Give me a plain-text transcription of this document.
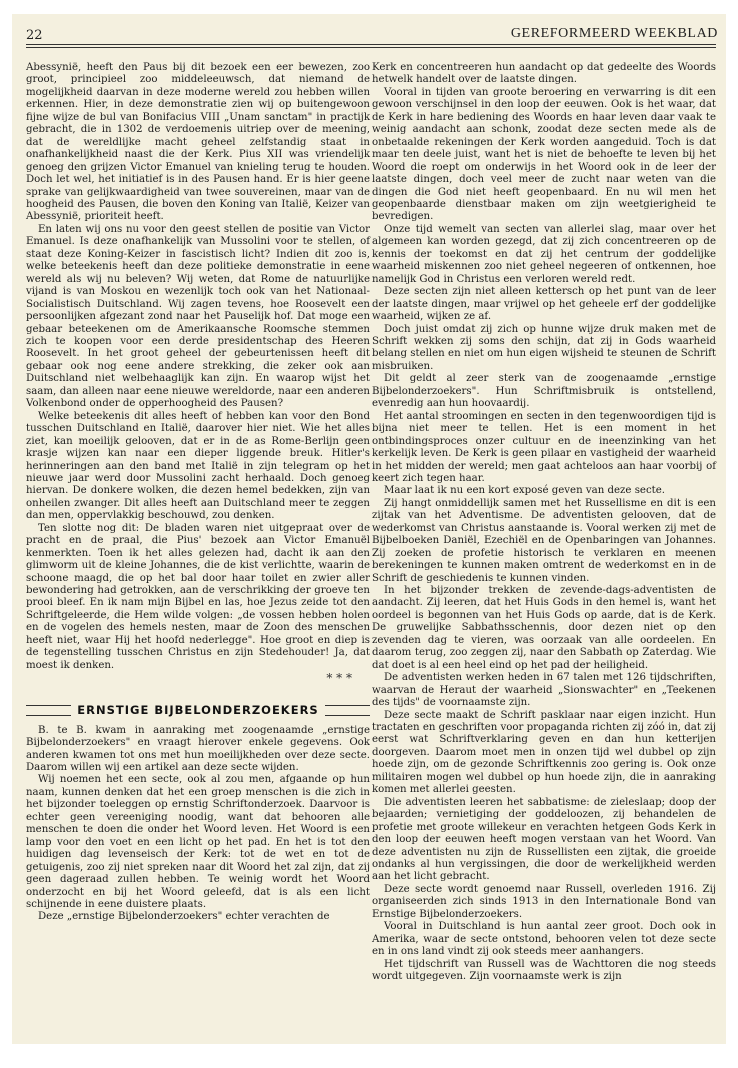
22	GEREFORMEERD WEEKBLAD

Abessynië, heeft den Paus bij dit bezoek een eer bewezen, zoo groot, principieel zoo middeleeuwsch, dat niemand de mogelijkheid daarvan in deze moderne wereld zou hebben willen erkennen. Hier, in deze demonstratie zien wij op buitengewoon fijne wijze de bul van Bonifacius VIII „Unam sanctam" in practijk gebracht, die in 1302 de verdoemenis uitriep over de meening, dat de wereldlijke macht geheel zelfstandig staat in onafhankelijkheid naast die der Kerk. Pius XII was vriendelijk genoeg den grijzen Victor Emanuel van knieling terug te houden. Doch let wel, het initiatief is in des Pausen hand. Er is hier geene sprake van gelijkwaardigheid van twee souvereinen, maar van de hoogheid des Pausen, die boven den Koning van Italië, Keizer van Abessynië, prioriteit heeft.

En laten wij ons nu voor den geest stellen de positie van Victor Emanuel. Is deze onafhankelijk van Mussolini voor te stellen, of staat deze Koning-Keizer in fascistisch licht? Indien dit zoo is, welke beteekenis heeft dan deze politieke demonstratie in eene wereld als wij nu beleven? Wij weten, dat Rome de natuurlijke vijand is van Moskou en wezenlijk toch ook van het Nationaal-Socialistisch Duitschland. Wij zagen tevens, hoe Roosevelt een persoonlijken afgezant zond naar het Pauselijk hof. Dat moge een gebaar beteekenen om de Amerikaansche Roomsche stemmen zich te koopen voor een derde presidentschap des Heeren Roosevelt. In het groot geheel der gebeurtenissen heeft dit gebaar ook nog eene andere strekking, die zeker ook aan Duitschland niet welbehaaglijk kan zijn. En waarop wijst het saam, dan alleen naar eene nieuwe wereldorde, naar een anderen Volkenbond onder de opperhoogheid des Pausen?

Welke beteekenis dit alles heeft of hebben kan voor den Bond tusschen Duitschland en Italië, daarover hier niet. Wie het alles ziet, kan moeilijk gelooven, dat er in de as Rome-Berlijn geen krasje wijzen kan naar een dieper liggende breuk. Hitler's herinneringen aan den band met Italië in zijn telegram op het nieuwe jaar werd door Mussolini zacht herhaald. Doch genoeg hiervan. De donkere wolken, die dezen hemel bedekken, zijn van onheilen zwanger. Dit alles heeft aan Duitschland meer te zeggen dan men, oppervlakkig beschouwd, zou denken.

Ten slotte nog dit: De bladen waren niet uitgepraat over de pracht en de praal, die Pius' bezoek aan Victor Emanuël kenmerkten. Toen ik het alles gelezen had, dacht ik aan den glimworm uit de kleine Johannes, die de kist verlichtte, waarin de schoone maagd, die op het bal door haar toilet en zwier aller bewondering had getrokken, aan de verschrikking der groeve ten prooi bleef. En ik nam mijn Bijbel en las, hoe Jezus zeide tot den Schriftgeleerde, die Hem wilde volgen: „de vossen hebben holen en de vogelen des hemels nesten, maar de Zoon des menschen heeft niet, waar Hij het hoofd nederlegge". Hoe groot en diep is de tegenstelling tusschen Christus en zijn Stedehouder! Ja, dat moest ik denken.

* * *
ERNSTIGE BIJBELONDERZOEKERS

B. te B. kwam in aanraking met zoogenaamde „ernstige Bijbelonderzoekers" en vraagt hierover enkele gegevens. Ook anderen kwamen tot ons met hun moeilijkheden over deze secte. Daarom willen wij een artikel aan deze secte wijden.

Wij noemen het een secte, ook al zou men, afgaande op hun naam, kunnen denken dat het een groep menschen is die zich in het bijzonder toeleggen op ernstig Schriftonderzoek. Daarvoor is echter geen vereeniging noodig, want dat behooren alle menschen te doen die onder het Woord leven. Het Woord is een lamp voor den voet en een licht op het pad. En het is tot den huidigen dag levenseisch der Kerk: tot de wet en tot de getuigenis, zoo zij niet spreken naar dit Woord het zal zijn, dat zij geen dageraad zullen hebben. Te weinig wordt het Woord onderzocht en bij het Woord geleefd, dat is als een licht schijnende in eene duistere plaats.

Deze „ernstige Bijbelonderzoekers" echter verachten de

Kerk en concentreeren hun aandacht op dat gedeelte des Woords hetwelk handelt over de laatste dingen.

Vooral in tijden van groote beroering en verwarring is dit een gewoon verschijnsel in den loop der eeuwen. Ook is het waar, dat de Kerk in hare bediening des Woords en haar leven daar vaak te weinig aandacht aan schonk, zoodat deze secten mede als de onbetaalde rekeningen der Kerk worden aangeduid. Toch is dat maar ten deele juist, want het is niet de behoefte te leven bij het Woord die roept om onderwijs in het Woord ook in de leer der laatste dingen, doch veel meer de zucht naar weten van die dingen die God niet heeft geopenbaard. En nu wil men het geopenbaarde dienstbaar maken om zijn weetgierigheid te bevredigen.

Onze tijd wemelt van secten van allerlei slag, maar over het algemeen kan worden gezegd, dat zij zich concentreeren op de kennis der toekomst en dat zij het centrum der goddelijke waarheid miskennen zoo niet geheel negeeren of ontkennen, hoe namelijk God in Christus een verloren wereld redt.

Deze secten zijn niet alleen kettersch op het punt van de leer der laatste dingen, maar vrijwel op het geheele erf der goddelijke waarheid, wijken ze af.

Doch juist omdat zij zich op hunne wijze druk maken met de Schrift wekken zij soms den schijn, dat zij in Gods waarheid belang stellen en niet om hun eigen wijsheid te steunen de Schrift misbruiken.

Dit geldt al zeer sterk van de zoogenaamde „ernstige Bijbelonderzoekers". Hun Schriftmisbruik is ontstellend, evenredig aan hun hoovaardij.

Het aantal stroomingen en secten in den tegenwoordigen tijd is bijna niet meer te tellen. Het is een moment in het ontbindingsproces onzer cultuur en de ineenzinking van het kerkelijk leven. De Kerk is geen pilaar en vastigheid der waarheid in het midden der wereld; men gaat achteloos aan haar voorbij of keert zich tegen haar.

Maar laat ik nu een kort exposé geven van deze secte.

Zij hangt onmiddellijk samen met het Russellisme en dit is een zijtak van het Adventisme. De adventisten gelooven, dat de wederkomst van Christus aanstaande is. Vooral werken zij met de Bijbelboeken Daniël, Ezechiël en de Openbaringen van Johannes. Zij zoeken de profetie historisch te verklaren en meenen berekeningen te kunnen maken omtrent de wederkomst en in de Schrift de geschiedenis te kunnen vinden.

In het bijzonder trekken de zevende-dags-adventisten de aandacht. Zij leeren, dat het Huis Gods in den hemel is, want het oordeel is begonnen van het Huis Gods op aarde, dat is de Kerk. De gruwelijke Sabbathsschennis, door dezen niet op den zevenden dag te vieren, was oorzaak van alle oordeelen. En daarom terug, zoo zeggen zij, naar den Sabbath op Zaterdag. Wie dat doet is al een heel eind op het pad der heiligheid.

De adventisten werken heden in 67 talen met 126 tijdschriften, waarvan de Heraut der waarheid „Sionswachter" en „Teekenen des tijds" de voornaamste zijn.

Deze secte maakt de Schrift pasklaar naar eigen inzicht. Hun tractaten en geschriften voor propaganda richten zij zóó in, dat zij eerst wat Schriftverklaring geven en dan hun ketterijen doorgeven. Daarom moet men in onzen tijd wel dubbel op zijn hoede zijn, om de gezonde Schriftkennis zoo gering is. Ook onze militairen mogen wel dubbel op hun hoede zijn, die in aanraking komen met allerlei geesten.

Die adventisten leeren het sabbatisme: de zieleslaap; doop der bejaarden; vernietiging der goddeloozen, zij behandelen de profetie met groote willekeur en verachten hetgeen Gods Kerk in den loop der eeuwen heeft mogen verstaan van het Woord. Van deze adventisten nu zijn de Russellisten een zijtak, die groeide ondanks al hun vergissingen, die door de werkelijkheid werden aan het licht gebracht.

Deze secte wordt genoemd naar Russell, overleden 1916. Zij organiseerden zich sinds 1913 in den Internationale Bond van Ernstige Bijbelonderzoekers.

Vooral in Duitschland is hun aantal zeer groot. Doch ook in Amerika, waar de secte ontstond, behooren velen tot deze secte en in ons land vindt zij ook steeds meer aanhangers.

Het tijdschrift van Russell was de Wachttoren die nog steeds wordt uitgegeven. Zijn voornaamste werk is zijn
